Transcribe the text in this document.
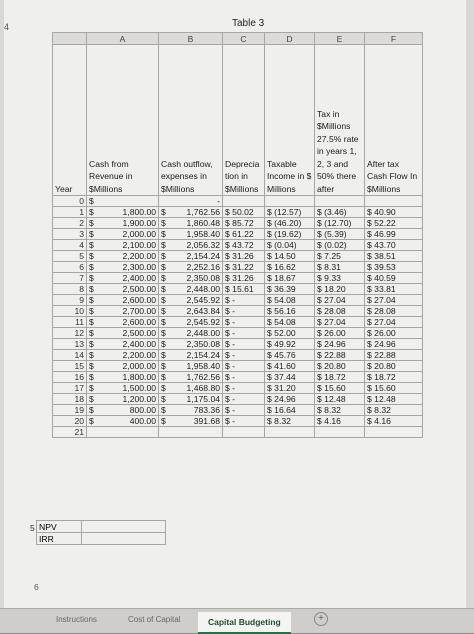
4	Table 3
	A	B	C	D	E	F
Year	Cash from Revenue in $Millions	Cash outflow, expenses in $Millions	Deprecia tion in $Millions	Taxable Income in $ Millions	Tax in $Millions 27.5% rate in years 1, 2, 3 and 50% there after	After tax Cash Flow In $Millions
0	$	-				

1	$ 1,800.00	$ 1,762.56	$ 50.02	$ (12.57)	$ (3.46)	$ 40.90
2	$ 1,900.00	$ 1,860.48	$ 85.72	$ (46.20)	$ (12.70)	$ 52.22
3	$ 2,000.00	$ 1,958.40	$ 61.22	$ (19.62)	$ (5.39)	$ 46.99
4	$ 2,100.00	$ 2,056.32	$ 43.72	$ (0.04)	$ (0.02)	$ 43.70
5	$ 2,200.00	$ 2,154.24	$ 31.26	$ 14.50	$ 7.25	$ 38.51
6	$ 2,300.00	$ 2,252.16	$ 31.22	$ 16.62	$ 8.31	$ 39.53
7	$ 2,400.00	$ 2,350.08	$ 31.26	$ 18.67	$ 9.33	$ 40.59
8	$ 2,500.00	$ 2,448.00	$ 15.61	$ 36.39	$ 18.20	$ 33.81
9	$ 2,600.00	$ 2,545.92	$ -	$ 54.08	$ 27.04	$ 27.04
10	$ 2,700.00	$ 2,643.84	$ -	$ 56.16	$ 28.08	$ 28.08
11	$ 2,600.00	$ 2,545.92	$ -	$ 54.08	$ 27.04	$ 27.04
12	$ 2,500.00	$ 2,448.00	$ -	$ 52.00	$ 26.00	$ 26.00
13	$ 2,400.00	$ 2,350.08	$ -	$ 49.92	$ 24.96	$ 24.96
14	$ 2,200.00	$ 2,154.24	$ -	$ 45.76	$ 22.88	$ 22.88
15	$ 2,000.00	$ 1,958.40	$ -	$ 41.60	$ 20.80	$ 20.80
16	$ 1,800.00	$ 1,762.56	$ -	$ 37.44	$ 18.72	$ 18.72
17	$ 1,500.00	$ 1,468.80	$ -	$ 31.20	$ 15.60	$ 15.60
18	$ 1,200.00	$ 1,175.04	$ -	$ 24.96	$ 12.48	$ 12.48
19	$ 800.00	$ 783.36	$ -	$ 16.64	$ 8.32	$ 8.32
20	$ 400.00	$ 391.68	$ -	$ 8.32	$ 4.16	$ 4.16
21	

5 NPV	
IRR	
6
Instructions	Cost of Capital	Capital Budgeting	+
